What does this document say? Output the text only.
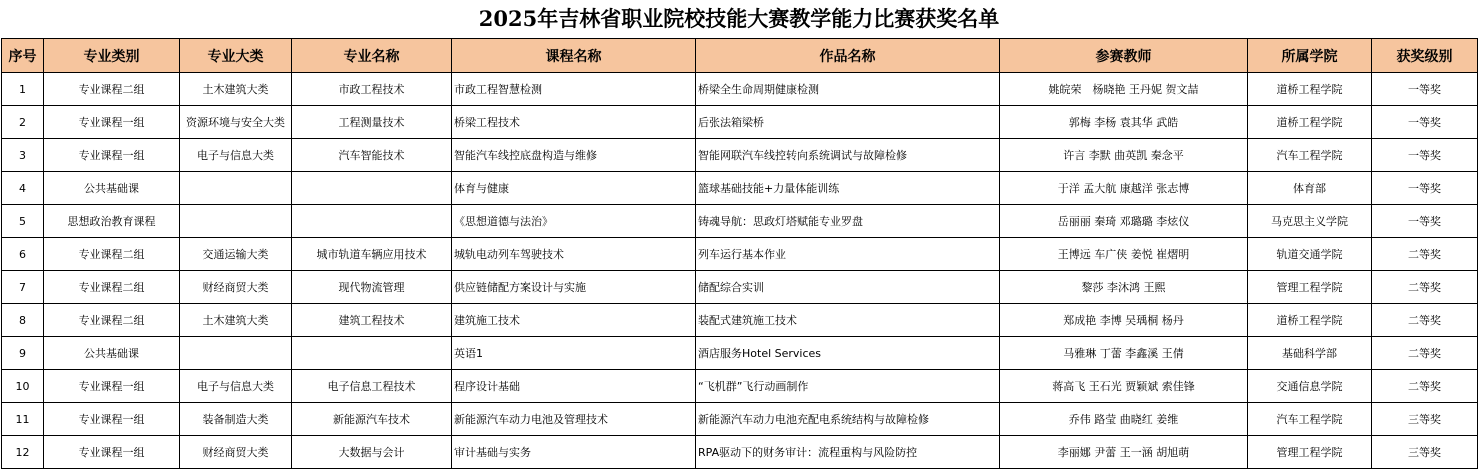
2025年吉林省职业院校技能大赛教学能力比赛获奖名单
序号	专业类别	专业大类	专业名称	课程名称	作品名称	参赛教师	所属学院	获奖级别
1	专业课程二组	土木建筑大类	市政工程技术	市政工程智慧检测	桥梁全生命周期健康检测	姚皖荣　杨晓艳 王丹妮 贺文喆	道桥工程学院	一等奖
2	专业课程一组	资源环境与安全大类	工程测量技术	桥梁工程技术	后张法箱梁桥	郭梅 李杨 袁其华 武皓	道桥工程学院	一等奖
3	专业课程一组	电子与信息大类	汽车智能技术	智能汽车线控底盘构造与维修	智能网联汽车线控转向系统调试与故障检修	许言 李默 曲英凯 秦念平	汽车工程学院	一等奖
4	公共基础课			体育与健康	篮球基础技能+力量体能训练	于洋 孟大航 康越洋 张志博	体育部	一等奖
5	思想政治教育课程			《思想道德与法治》	铸魂导航：思政灯塔赋能专业罗盘	岳丽丽 秦琦 邓璐璐 李炫仪	马克思主义学院	一等奖
6	专业课程二组	交通运输大类	城市轨道车辆应用技术	城轨电动列车驾驶技术	列车运行基本作业	王博远 车广侠 姜悦 崔熠明	轨道交通学院	二等奖
7	专业课程二组	财经商贸大类	现代物流管理	供应链储配方案设计与实施	储配综合实训	黎莎 李沐鸿 王熙	管理工程学院	二等奖
8	专业课程二组	土木建筑大类	建筑工程技术	建筑施工技术	装配式建筑施工技术	郑成艳 李博 吴瑀桐 杨丹	道桥工程学院	二等奖
9	公共基础课			英语1	酒店服务Hotel Services	马雅琳 丁蕾 李鑫溪 王倩	基础科学部	二等奖
10	专业课程一组	电子与信息大类	电子信息工程技术	程序设计基础	“飞机群”飞行动画制作	蒋高飞 王石光 贾颖斌 索佳锋	交通信息学院	二等奖
11	专业课程一组	装备制造大类	新能源汽车技术	新能源汽车动力电池及管理技术	新能源汽车动力电池充配电系统结构与故障检修	乔伟 路莹 曲晓红 姜维	汽车工程学院	三等奖
12	专业课程一组	财经商贸大类	大数据与会计	审计基础与实务	RPA驱动下的财务审计：流程重构与风险防控	李丽娜 尹蕾 王一涵 胡旭萌	管理工程学院	三等奖
